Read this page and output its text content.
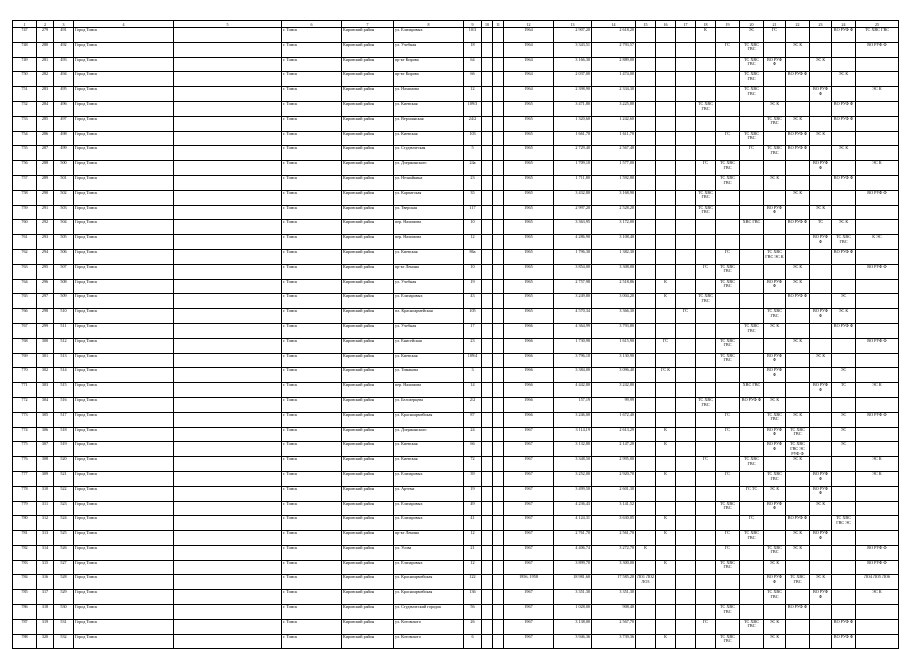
1	2	3	4	5	6	7	8	9	10	11	12	13	14	15	16	17	18	19	20	21	22	23	24	25
747	279	491	Город Томск		г. Томск	Кировский район	ул. Елизаровых	10/3			1964	2 907,20	2 618,20				К		ЭС	ГС			ВО РУФ Ф	ТС ХВС ГВС
748	280	492	Город Томск		г. Томск	Кировский район	ул. Учебная	18			1964	3 343,51	2 793,57					ГС	ТС ХВС ГВС		ЭС К			ВО РУФ Ф
749	281	493	Город Томск		г. Томск	Кировский район	пр-кт Кирова	64			1964	3 166,30	2 889,00						ТС ХВС ГВС	ВО РУФ Ф		ЭС К		
750	282	494	Город Томск		г. Томск	Кировский район	пр-кт Кирова	66			1964	2 037,00	1 474,00						ТС ХВС ГВС		ВО РУФ Ф		ЭС К	
751	283	495	Город Томск		г. Томск	Кировский район	ул. Нахимова	12			1964	2 398,90	2 334,30						ТС ХВС ГВС			ВО РУФ Ф		ЭС К
752	284	496	Город Томск		г. Томск	Кировский район	ул. Киевская	109/3			1965	3 471,80	3 225,80				ТС ХВС ГВС			ЭС К			ВО РУФ Ф	
753	285	497	Город Томск		г. Томск	Кировский район	ул. Верхоянская	24/2			1965	1 320,60	1 242,60							ТС ХВС ГВС	ЭС К		ВО РУФ Ф	
754	286	498	Город Томск		г. Томск	Кировский район	ул. Киевская	103			1965	1 661,70	1 611,70					ГС	ТС ХВС ГВС		ВО РУФ Ф	ЭС К		
755	287	499	Город Томск		г. Томск	Кировский район	ул. Студенческая	5			1965	2 729,40	2 567,40						ГС	ТС ХВС ГВС	ВО РУФ Ф		ЭС К	
756	288	500	Город Томск		г. Томск	Кировский район	ул. Дзержинского	24а			1965	1 709,10	1 577,00				ГС	ТС ХВС ГВС				ВО РУФ Ф		ЭС К
757	289	501	Город Томск		г. Томск	Кировский район	ул. Незнайкина	23			1965	1 711,80	1 592,80					ТС ХВС ГВС		ЭС К			ВО РУФ Ф	
758	290	502	Город Томск		г. Томск	Кировский район	ул. Карпатская	35			1965	3 432,80	3 168,90				ТС ХВС ГВС				ЭС К			ВО РУФ Ф
759	291	503	Город Томск		г. Томск	Кировский район	ул. Тверская	117			1965	2 997,20	2 528,20				ТС ХВС ГВС			ВО РУФ Ф		ЭС К		
760	292	504	Город Томск		г. Томск	Кировский район	пер. Нахимова	10			1965	3 363,95	3 172,00						ХВС ГВС		ВО РУФ Ф	ТС	ЭС К	
761	293	505	Город Томск		г. Томск	Кировский район	пер. Нахимова	12			1965	4 286,90	3 108,40									ВО РУФ Ф	ТС ХВС ГВС	К ЭС
762	294	506	Город Томск		г. Томск	Кировский район	ул. Киевская	86а			1965	1 796,30	1 382,30					ГС		ТС ХВС ГВС ЭС К			ВО РУФ Ф	
763	295	507	Город Томск		г. Томск	Кировский район	пр-кт Ленина	10			1965	3 854,00	3 308,00				ГС	ТС ХВС ГВС			ЭС К			ВО РУФ Ф
764	296	508	Город Томск		г. Томск	Кировский район	ул. Учебная	19			1965	2 757,98	2 518,86		К			ТС ХВС ГВС		ВО РУФ Ф	ЭС К			
765	297	509	Город Томск		г. Томск	Кировский район	ул. Елизаровых	43			1965	3 249,80	3 004,20		К		ТС ХВС ГВС				ВО РУФ Ф		ЭС	
766	298	510	Город Томск		г. Томск	Кировский район	пл. Красноармейская	105			1965	4 570,34	3 366,30			ГС				ТС ХВС ГВС		ВО РУФ Ф	ЭС К	
767	299	511	Город Томск		г. Томск	Кировский район	ул. Учебная	17			1966	4 364,99	3 793,80						ТС ХВС ГВС	ЭС К			ВО РУФ Ф	
768	300	512	Город Томск		г. Томск	Кировский район	ул. Енисейская	23			1966	1 730,90	1 615,90		ГС			ТС ХВС ГВС			ЭС К			ВО РУФ Ф
769	301	513	Город Томск		г. Томск	Кировский район	ул. Киевская	109/4			1966	3 796,10	3 130,90					ТС ХВС ГВС		ВО РУФ Ф		ЭС К		
770	302	514	Город Томск		г. Томск	Кировский район	ул. Тимакова	3			1966	3 384,00	3 096,40		ГС К					ВО РУФ Ф			ЭС	
771	303	515	Город Томск		г. Томск	Кировский район	пер. Нахимова	14			1966	4 442,80	3 242,80						ХВС ГВС			ВО РУФ Ф	ТС	ЭС К
772	304	516	Город Томск		г. Томск	Кировский район	ул. Белозерцева	2/2			1966	157,19	99,99				ТС ХВС ГВС		ВО РУФ Ф	ЭС К				
773	305	517	Город Томск		г. Томск	Кировский район	ул. Красноармейская	87			1966	3 246,00	1 672,40					ГС		ТС ХВС ГВС	ЭС К		ЭС	ВО РУФ Ф
774	306	518	Город Томск		г. Томск	Кировский район	ул. Дзержинского	24			1967	3 114,19	2 613,29		К			ГС		ВО РУФ Ф	ТС ХВС ГВС		ЭС	
775	307	519	Город Томск		г. Томск	Кировский район	ул. Киевская	66			1967	3 132,80	2 147,20		К					ВО РУФ Ф	ТС ХВС ГВС ЭС РУФ Ф		ЭС	
776	308	520	Город Томск		г. Томск	Кировский район	ул. Киевская	72			1967	3 348,50	2 995,00				ГС		ТС ХВС ГВС		ЭС К			ЭС К
777	309	521	Город Томск		г. Томск	Кировский район	ул. Елизаровых	39			1967	3 252,00	2 920,70		К			ГС		ТС ХВС ГВС		ВО РУФ Ф		ЭС К
778	310	522	Город Томск		г. Томск	Кировский район	ул. Артема	19			1967	3 499,50	2 601,30						ГС ТС	ЭС К		ВО РУФ Ф		
779	311	523	Город Томск		г. Томск	Кировский район	ул. Елизаровых	49			1967	4 236,43	3 141,52					ТС ХВС ГВС		ВО РУФ Ф		ЭС К		
780	312	524	Город Томск		г. Томск	Кировский район	ул. Елизаровых	41			1967	4 124,31	3 630,05		К				ГС		ВО РУФ Ф		ТС ХВС ГВС ЭС	
781	313	525	Город Томск		г. Томск	Кировский район	пр-кт Ленина	12			1967	2 761,70	2 561,70		К			ГС	ТС ХВС ГВС		ЭС К	ВО РУФ Ф		
782	314	526	Город Томск		г. Томск	Кировский район	ул. Усова	21			1967	4 406,74	3 272,70	К				ГС		ТС ХВС ГВС	ЭС К			ВО РУФ Ф
783	315	527	Город Томск		г. Томск	Кировский район	ул. Елизаровых	12			1967	3 899,70	3 300,00		К			ТС ХВС ГВС		ЭС К				ВО РУФ Ф
784	316	528	Город Томск		г. Томск	Кировский район	ул. Красноармейская	122			1956, 1958	18 981,60	17 585,20	ЛО1 ЛО2 ЛО3						ВО РУФ Ф	ТС ХВС ГВС	ЭС К		ЛО4 ЛО5 ЛО6
785	317	529	Город Томск		г. Томск	Кировский район	ул. Красноармейская	136			1967	3 351,30	3 351,30							ТС ХВС ГВС		ВО РУФ Ф		ЭС К
786	318	530	Город Томск		г. Томск	Кировский район	ул. Студенческий городок	56			1967	1 028,00	908,40					ТС ХВС ГВС			ВО РУФ Ф			
787	319	531	Город Томск		г. Томск	Кировский район	ул. Котовского	26			1967	3 138,00	2 567,70				ГС		ТС ХВС ГВС	ЭС К			ВО РУФ Ф	
788	320	532	Город Томск		г. Томск	Кировский район	ул. Котовского	6			1967	3 946,36	3 739,36		К			ТС ХВС ГВС		ЭС К			ВО РУФ Ф	
